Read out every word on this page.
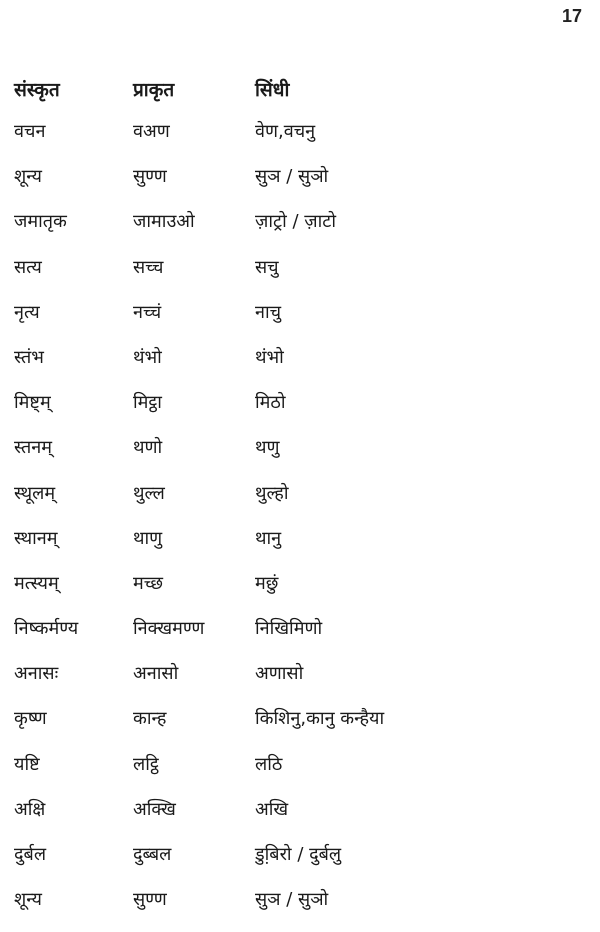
17
संस्कृत	प्राकृत	सिंधी
वचन	वअण	वेण,वचनु
शून्य	सुण्ण	सुञ / सुञो
जमातृक	जामाउओ	ज़ाट्रो / ज़ाटो
सत्य	सच्च	सचु
नृत्य	नच्चं	नाचु
स्तंभ	थंभो	थंभो
मिष्ट्म्	मिट्ठा	मिठो
स्तनम्	थणो	थणु
स्थूलम्	थुल्ल	थुल्हो
स्थानम्	थाणु	थानु
मत्स्यम्	मच्छ	मछुं
निष्कर्मण्य	निक्खमण्ण	निखिमिणो
अनासः	अनासो	अणासो
कृष्ण	कान्ह	किशिनु,कानु कन्हैया
यष्टि	लट्ठि	लठि
अक्षि	अक्खि	अखि
दुर्बल	दुब्बल	डुबि़रो / दुर्बलु
शून्य	सुण्ण	सुञ / सुञो
